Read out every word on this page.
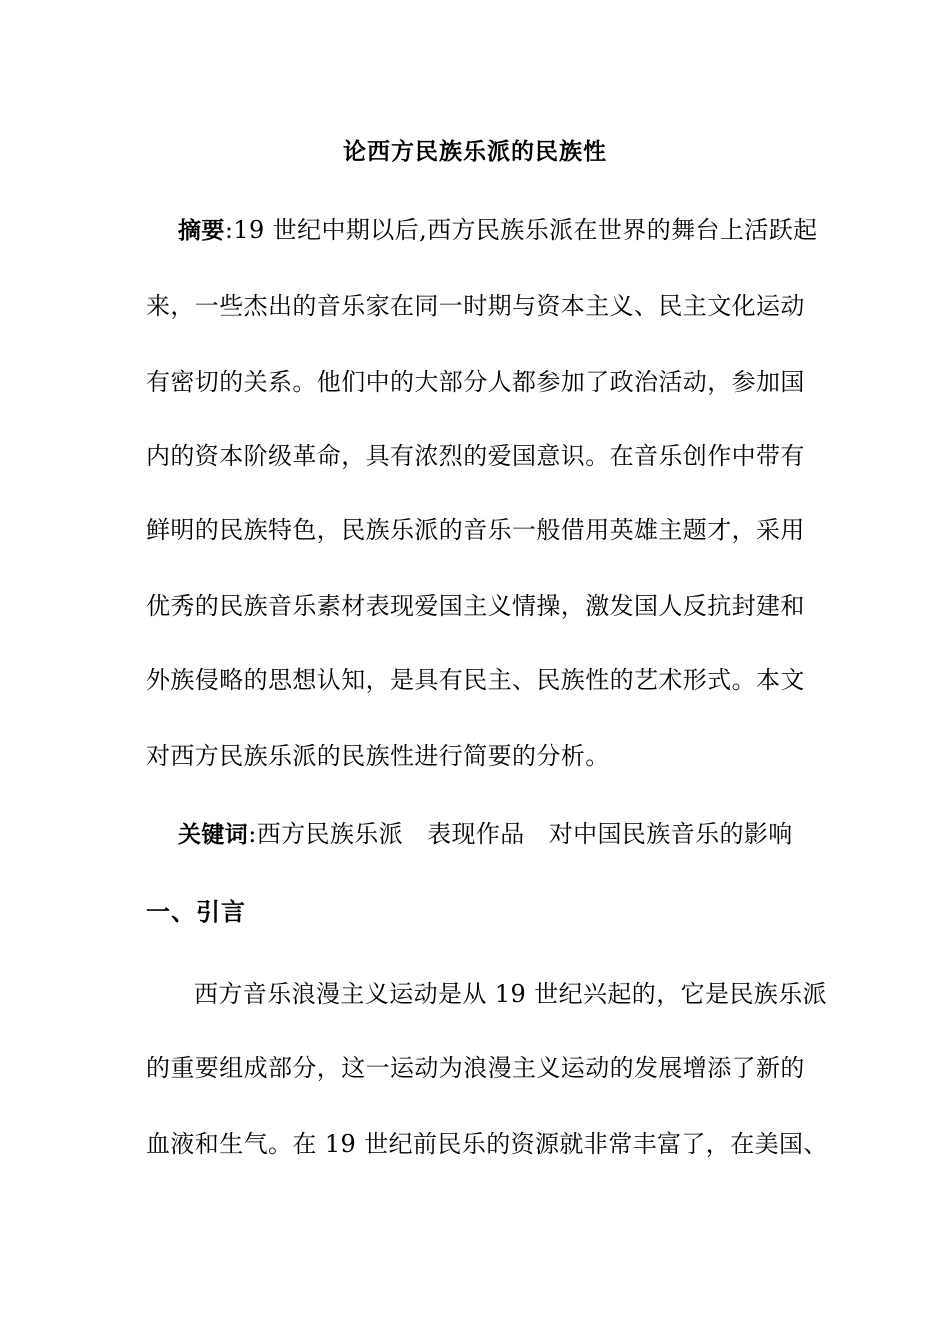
论西方民族乐派的民族性
摘要:19 世纪中期以后,西方民族乐派在世界的舞台上活跃起
来，一些杰出的音乐家在同一时期与资本主义、民主文化运动
有密切的关系。他们中的大部分人都参加了政治活动，参加国
内的资本阶级革命，具有浓烈的爱国意识。在音乐创作中带有
鲜明的民族特色，民族乐派的音乐一般借用英雄主题才，采用
优秀的民族音乐素材表现爱国主义情操，激发国人反抗封建和
外族侵略的思想认知，是具有民主、民族性的艺术形式。本文
对西方民族乐派的民族性进行简要的分析。
关键词:西方民族乐派 表现作品 对中国民族音乐的影响
一、引言
西方音乐浪漫主义运动是从 19 世纪兴起的，它是民族乐派
的重要组成部分，这一运动为浪漫主义运动的发展增添了新的
血液和生气。在 19 世纪前民乐的资源就非常丰富了，在美国、
